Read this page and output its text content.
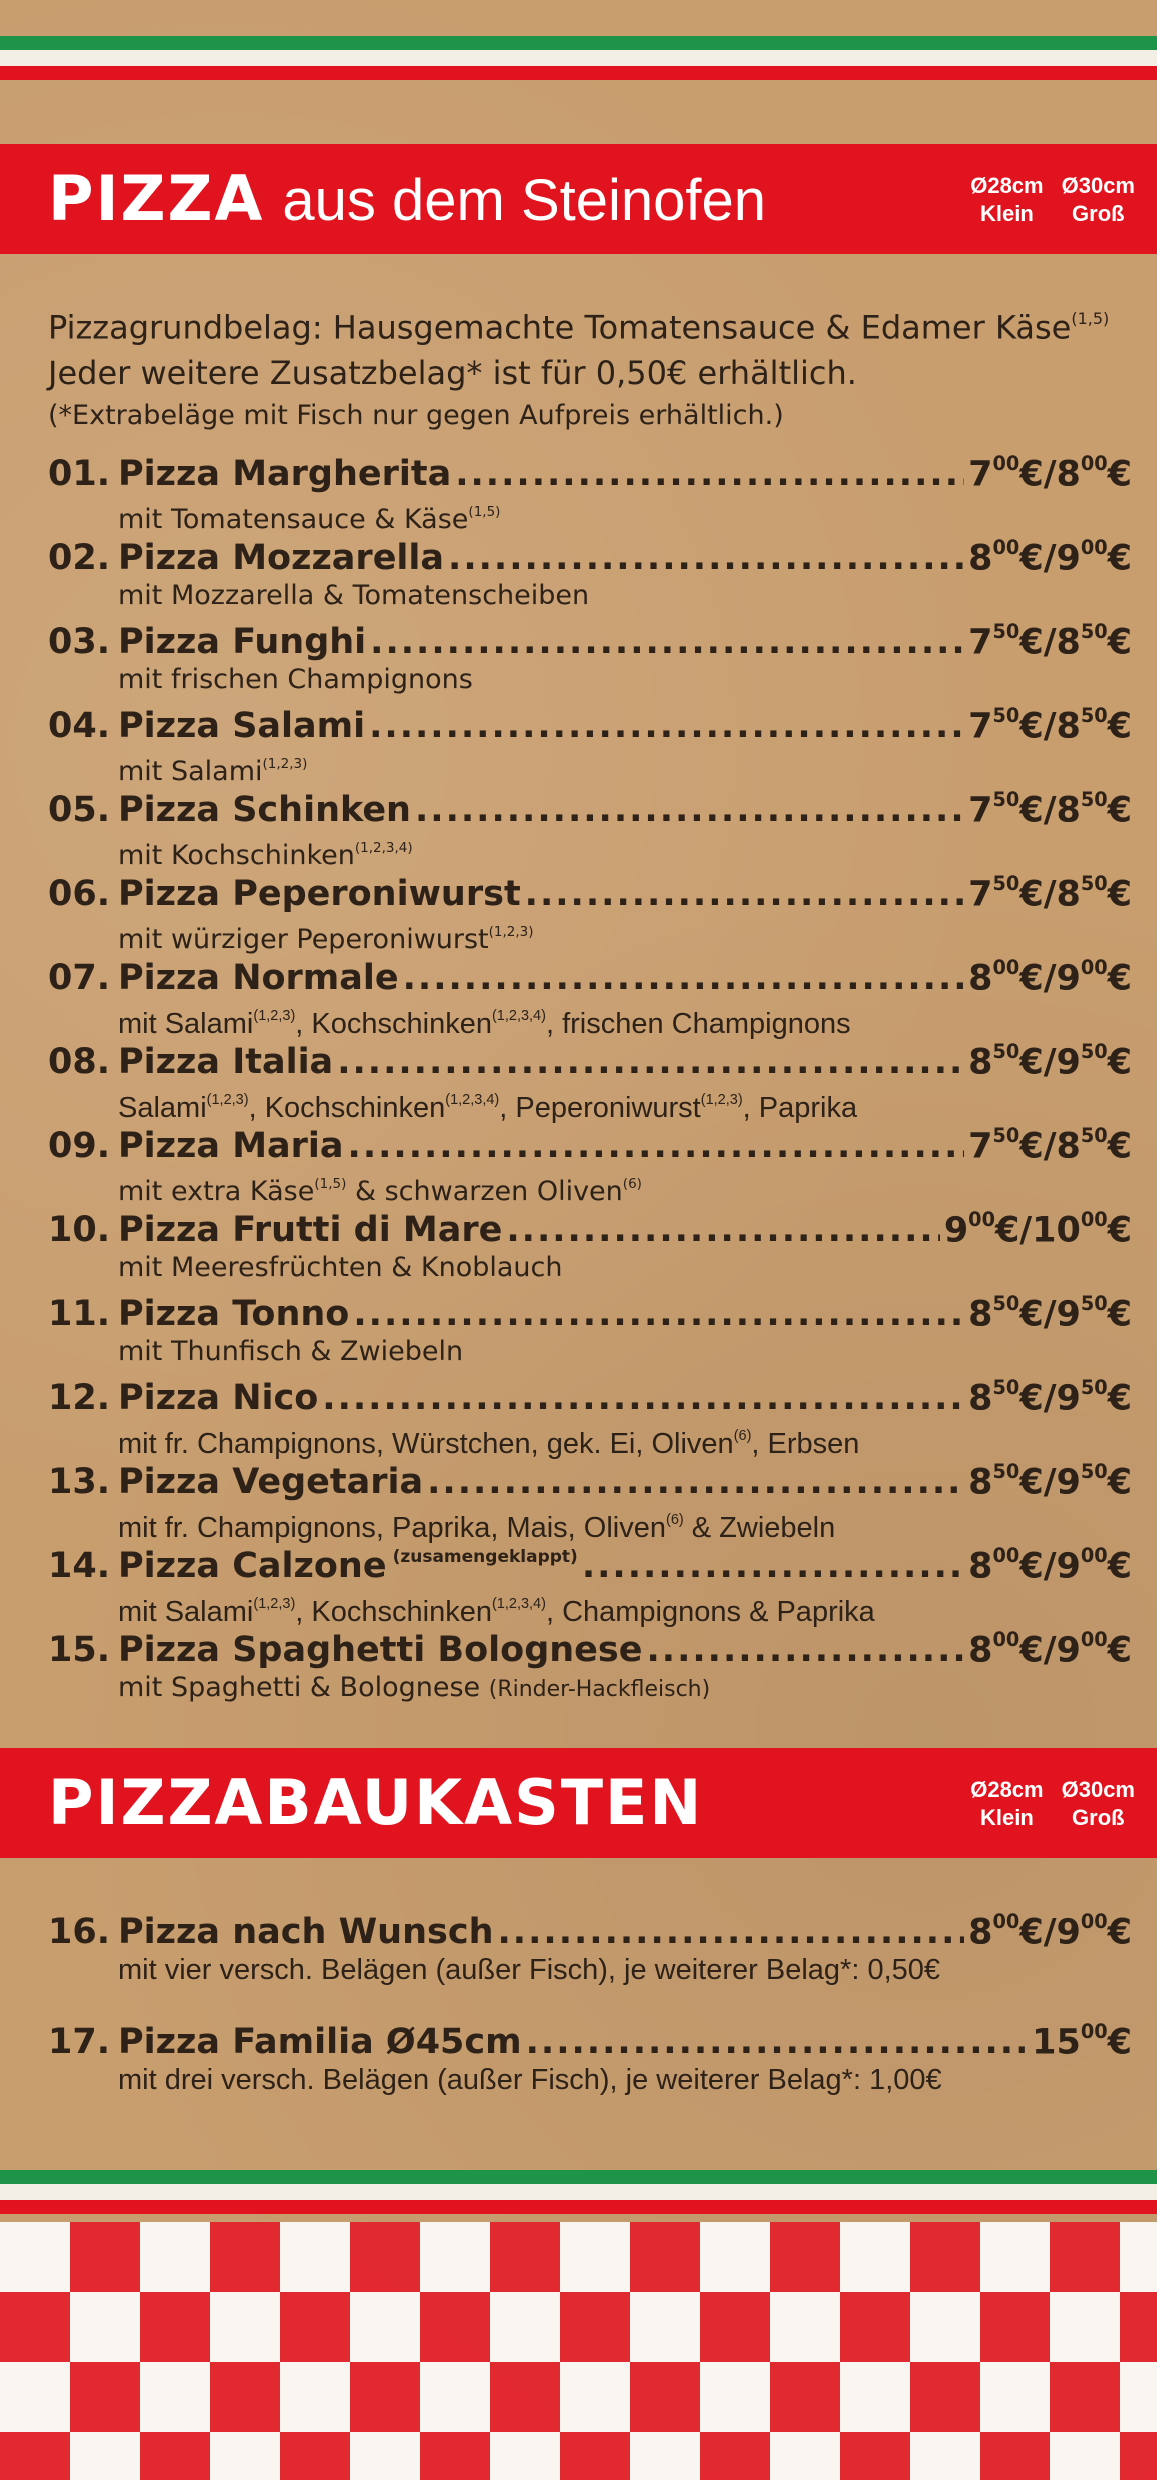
PIZZA aus dem Steinofen	Ø28cm
Klein
Ø30cm
Groß
Pizzagrundbelag: Hausgemachte Tomatensauce & Edamer Käse$^{(1,5)}$
Jeder weitere Zusatzbelag* ist für 0,50€ erhältlich.
(*Extrabeläge mit Fisch nur gegen Aufpreis erhältlich.)
01. Pizza Margherita .....	$7^{00}€/8^{00}€$
mit Tomatensauce & Käse$^{(1,5)}$
02. Pizza Mozzarella .....	$8^{00}€/9^{00}€$
mit Mozzarella & Tomatenscheiben
03. Pizza Funghi .....	$7^{50}€/8^{50}€$
mit frischen Champignons
04. Pizza Salami .....	$7^{50}€/8^{50}€$
mit Salami$^{(1,2,3)}$
05. Pizza Schinken .....	$7^{50}€/8^{50}€$
mit Kochschinken$^{(1,2,3,4)}$
06. Pizza Peperoniwurst .....	$7^{50}€/8^{50}€$
mit würziger Peperoniwurst$^{(1,2,3)}$
07. Pizza Normale .....	$8^{00}€/9^{00}€$
mit Salami$^{(1,2,3)}$, Kochschinken$^{(1,2,3,4)}$, frischen Champignons
08. Pizza Italia .....	$8^{50}€/9^{50}€$
Salami$^{(1,2,3)}$, Kochschinken$^{(1,2,3,4)}$, Peperoniwurst$^{(1,2,3)}$, Paprika
09. Pizza Maria .....	$7^{50}€/8^{50}€$
mit extra Käse$^{(1,5)}$ & schwarzen Oliven$^{(6)}$
10. Pizza Frutti di Mare .....	$9^{00}€/10^{00}€$
mit Meeresfrüchten & Knoblauch
11. Pizza Tonno .....	$8^{50}€/9^{50}€$
mit Thunfisch & Zwiebeln
12. Pizza Nico .....	$8^{50}€/9^{50}€$
mit fr. Champignons, Würstchen, gek. Ei, Oliven$^{(6)}$, Erbsen
13. Pizza Vegetaria .....	$8^{50}€/9^{50}€$
mit fr. Champignons, Paprika, Mais, Oliven$^{(6)}$ & Zwiebeln
14. Pizza Calzone $^{(zusamengeklappt)}$ .....	$8^{00}€/9^{00}€$
mit Salami$^{(1,2,3)}$, Kochschinken$^{(1,2,3,4)}$, Champignons & Paprika
15. Pizza Spaghetti Bolognese .....	$8^{00}€/9^{00}€$
mit Spaghetti & Bolognese (Rinder-Hackfleisch)
PIZZABAUKASTEN	Ø28cm
Klein
Ø30cm
Groß
16. Pizza nach Wunsch .....	$8^{00}€/9^{00}€$
mit vier versch. Belägen (außer Fisch), je weiterer Belag*: 0,50€
17. Pizza Familia Ø45cm .....	$15^{00}€$
mit drei versch. Belägen (außer Fisch), je weiterer Belag*: 1,00€
